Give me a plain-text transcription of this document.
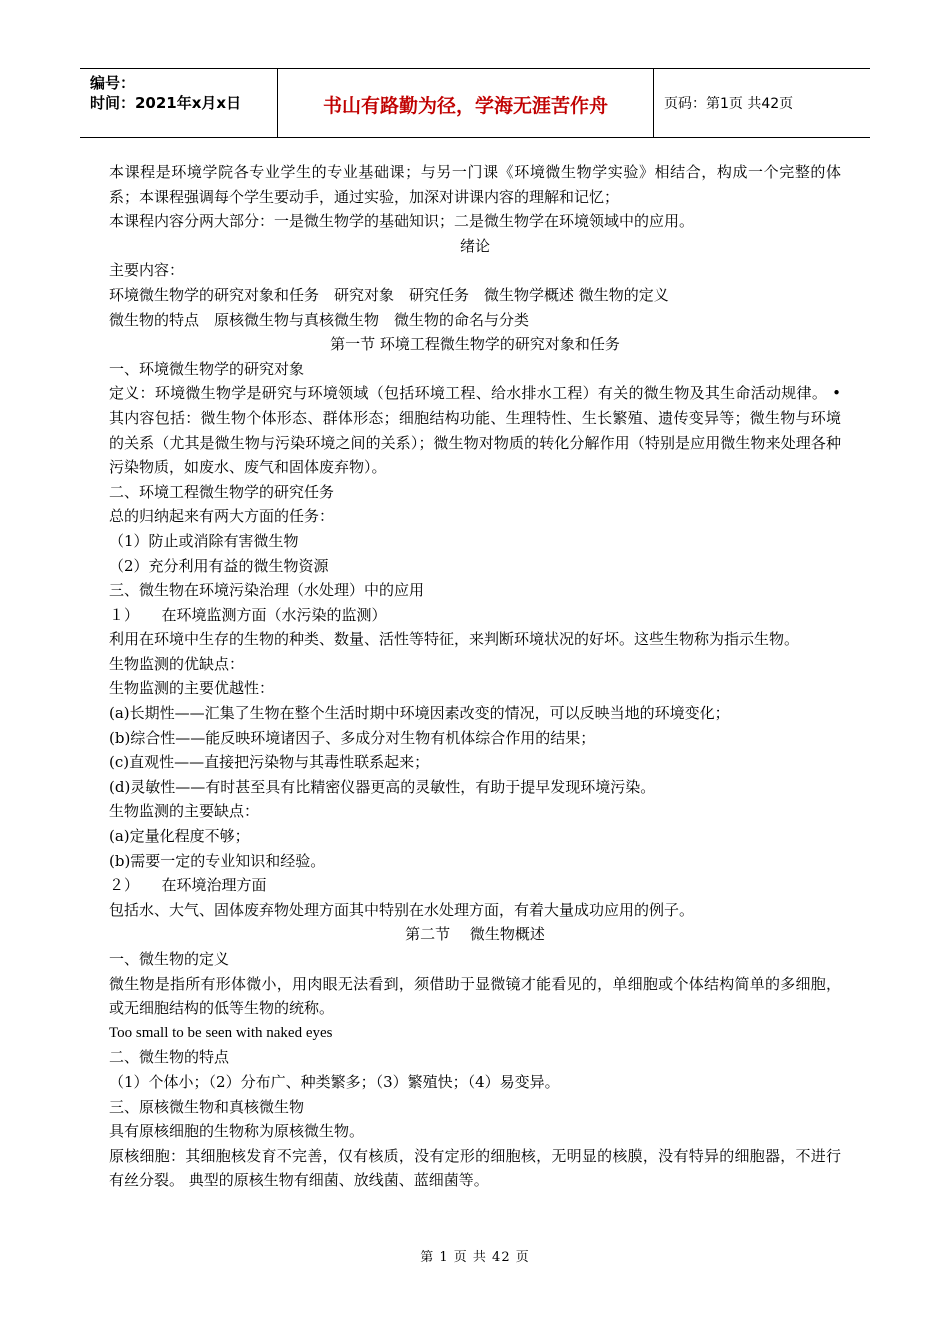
编号：
时间：2021年x月x日	书山有路勤为径，学海无涯苦作舟	页码：第1页 共42页

本课程是环境学院各专业学生的专业基础课；与另一门课《环境微生物学实验》相结合，构成一个完整的体系；本课程强调每个学生要动手，通过实验，加深对讲课内容的理解和记忆；

本课程内容分两大部分：一是微生物学的基础知识；二是微生物学在环境领域中的应用。

绪论

主要内容：

环境微生物学的研究对象和任务　研究对象　研究任务　微生物学概述 微生物的定义

微生物的特点　原核微生物与真核微生物　微生物的命名与分类

第一节 环境工程微生物学的研究对象和任务

一、环境微生物学的研究对象

定义：环境微生物学是研究与环境领域（包括环境工程、给水排水工程）有关的微生物及其生命活动规律。 •其内容包括：微生物个体形态、群体形态；细胞结构功能、生理特性、生长繁殖、遗传变异等；微生物与环境的关系（尤其是微生物与污染环境之间的关系）；微生物对物质的转化分解作用（特别是应用微生物来处理各种污染物质，如废水、废气和固体废弃物）。

二、环境工程微生物学的研究任务

总的归纳起来有两大方面的任务：

（1）防止或消除有害微生物

（2）充分利用有益的微生物资源

三、微生物在环境污染治理（水处理）中的应用

１）　　在环境监测方面（水污染的监测）

利用在环境中生存的生物的种类、数量、活性等特征，来判断环境状况的好坏。这些生物称为指示生物。

生物监测的优缺点：

生物监测的主要优越性：

(a)长期性——汇集了生物在整个生活时期中环境因素改变的情况，可以反映当地的环境变化；

(b)综合性——能反映环境诸因子、多成分对生物有机体综合作用的结果；

(c)直观性——直接把污染物与其毒性联系起来；

(d)灵敏性——有时甚至具有比精密仪器更高的灵敏性，有助于提早发现环境污染。

生物监测的主要缺点：

(a)定量化程度不够；

(b)需要一定的专业知识和经验。

２）　　在环境治理方面

包括水、大气、固体废弃物处理方面其中特别在水处理方面，有着大量成功应用的例子。

第二节　 微生物概述

一、微生物的定义

微生物是指所有形体微小，用肉眼无法看到，须借助于显微镜才能看见的，单细胞或个体结构简单的多细胞，或无细胞结构的低等生物的统称。

Too small to be seen with naked eyes

二、微生物的特点

（1）个体小；（2）分布广、种类繁多；（3）繁殖快；（4）易变异。

三、原核微生物和真核微生物

具有原核细胞的生物称为原核微生物。

原核细胞：其细胞核发育不完善，仅有核质，没有定形的细胞核，无明显的核膜，没有特异的细胞器，不进行有丝分裂。 典型的原核生物有细菌、放线菌、蓝细菌等。

第 1 页 共 42 页
